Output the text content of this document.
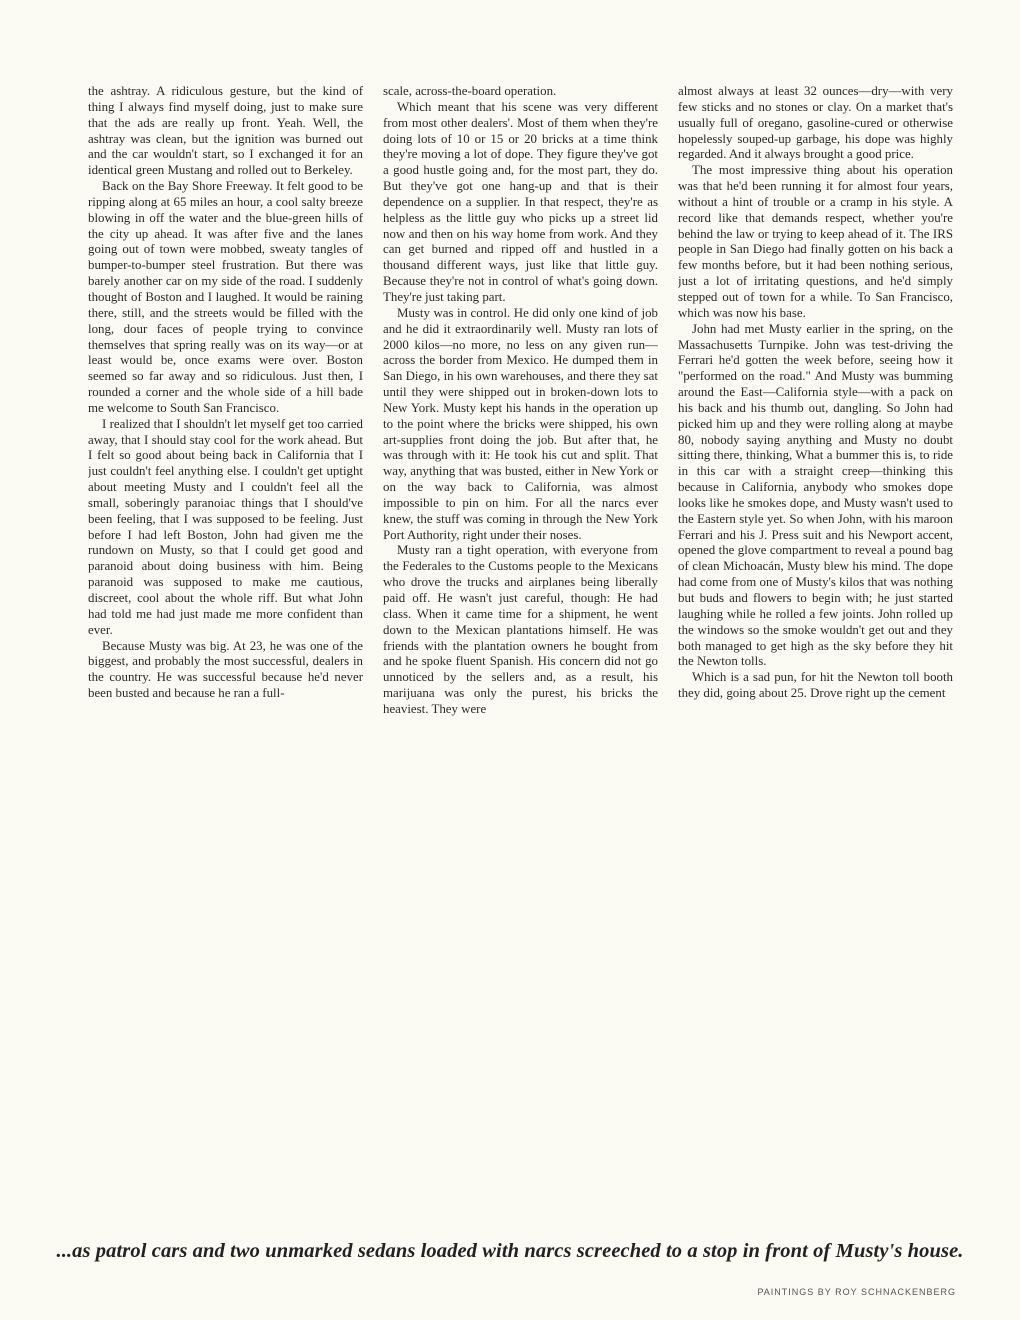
the ashtray. A ridiculous gesture, but the kind of thing I always find myself doing, just to make sure that the ads are really up front. Yeah. Well, the ashtray was clean, but the ignition was burned out and the car wouldn't start, so I exchanged it for an identical green Mustang and rolled out to Berkeley.

Back on the Bay Shore Freeway. It felt good to be ripping along at 65 miles an hour, a cool salty breeze blowing in off the water and the blue-green hills of the city up ahead. It was after five and the lanes going out of town were mobbed, sweaty tangles of bumper-to-bumper steel frustration. But there was barely another car on my side of the road. I suddenly thought of Boston and I laughed. It would be raining there, still, and the streets would be filled with the long, dour faces of people trying to convince themselves that spring really was on its way—or at least would be, once exams were over. Boston seemed so far away and so ridiculous. Just then, I rounded a corner and the whole side of a hill bade me welcome to South San Francisco.

I realized that I shouldn't let myself get too carried away, that I should stay cool for the work ahead. But I felt so good about being back in California that I just couldn't feel anything else. I couldn't get uptight about meeting Musty and I couldn't feel all the small, soberingly paranoiac things that I should've been feeling, that I was supposed to be feeling. Just before I had left Boston, John had given me the rundown on Musty, so that I could get good and paranoid about doing business with him. Being paranoid was supposed to make me cautious, discreet, cool about the whole riff. But what John had told me had just made me more confident than ever.

Because Musty was big. At 23, he was one of the biggest, and probably the most successful, dealers in the country. He was successful because he'd never been busted and because he ran a full-

scale, across-the-board operation.

Which meant that his scene was very different from most other dealers'. Most of them when they're doing lots of 10 or 15 or 20 bricks at a time think they're moving a lot of dope. They figure they've got a good hustle going and, for the most part, they do. But they've got one hang-up and that is their dependence on a supplier. In that respect, they're as helpless as the little guy who picks up a street lid now and then on his way home from work. And they can get burned and ripped off and hustled in a thousand different ways, just like that little guy. Because they're not in control of what's going down. They're just taking part.

Musty was in control. He did only one kind of job and he did it extraordinarily well. Musty ran lots of 2000 kilos—no more, no less on any given run—across the border from Mexico. He dumped them in San Diego, in his own warehouses, and there they sat until they were shipped out in broken-down lots to New York. Musty kept his hands in the operation up to the point where the bricks were shipped, his own art-supplies front doing the job. But after that, he was through with it: He took his cut and split. That way, anything that was busted, either in New York or on the way back to California, was almost impossible to pin on him. For all the narcs ever knew, the stuff was coming in through the New York Port Authority, right under their noses.

Musty ran a tight operation, with everyone from the Federales to the Customs people to the Mexicans who drove the trucks and airplanes being liberally paid off. He wasn't just careful, though: He had class. When it came time for a shipment, he went down to the Mexican plantations himself. He was friends with the plantation owners he bought from and he spoke fluent Spanish. His concern did not go unnoticed by the sellers and, as a result, his marijuana was only the purest, his bricks the heaviest. They were

almost always at least 32 ounces—dry—with very few sticks and no stones or clay. On a market that's usually full of oregano, gasoline-cured or otherwise hopelessly souped-up garbage, his dope was highly regarded. And it always brought a good price.

The most impressive thing about his operation was that he'd been running it for almost four years, without a hint of trouble or a cramp in his style. A record like that demands respect, whether you're behind the law or trying to keep ahead of it. The IRS people in San Diego had finally gotten on his back a few months before, but it had been nothing serious, just a lot of irritating questions, and he'd simply stepped out of town for a while. To San Francisco, which was now his base.

John had met Musty earlier in the spring, on the Massachusetts Turnpike. John was test-driving the Ferrari he'd gotten the week before, seeing how it "performed on the road." And Musty was bumming around the East—California style—with a pack on his back and his thumb out, dangling. So John had picked him up and they were rolling along at maybe 80, nobody saying anything and Musty no doubt sitting there, thinking, What a bummer this is, to ride in this car with a straight creep—thinking this because in California, anybody who smokes dope looks like he smokes dope, and Musty wasn't used to the Eastern style yet. So when John, with his maroon Ferrari and his J. Press suit and his Newport accent, opened the glove compartment to reveal a pound bag of clean Michoacán, Musty blew his mind. The dope had come from one of Musty's kilos that was nothing but buds and flowers to begin with; he just started laughing while he rolled a few joints. John rolled up the windows so the smoke wouldn't get out and they both managed to get high as the sky before they hit the Newton tolls.

Which is a sad pun, for hit the Newton toll booth they did, going about 25. Drove right up the cement

...as patrol cars and two unmarked sedans loaded with narcs screeched to a stop in front of Musty's house.
PAINTINGS BY ROY SCHNACKENBERG
